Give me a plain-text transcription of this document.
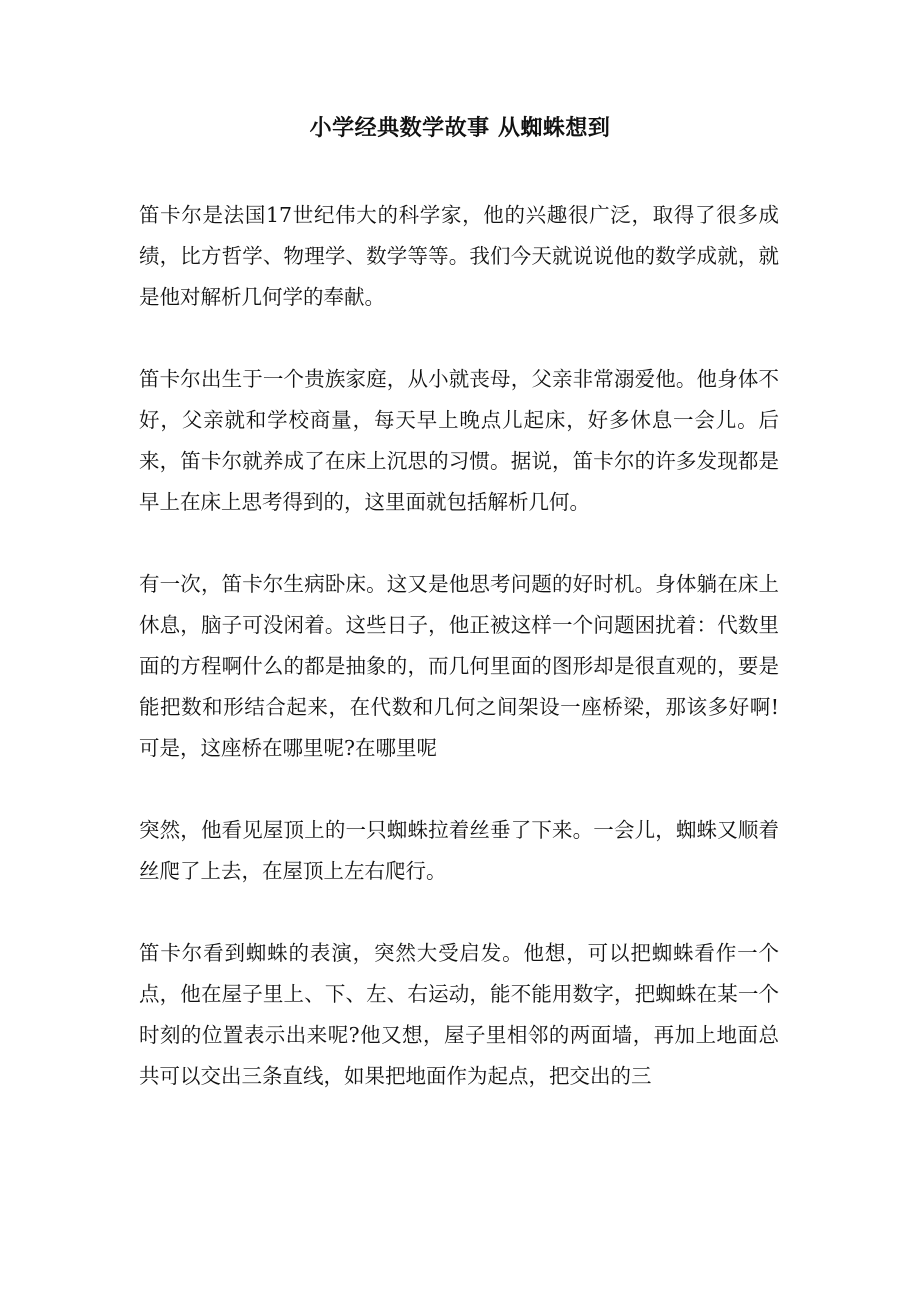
小学经典数学故事 从蜘蛛想到

笛卡尔是法国17世纪伟大的科学家，他的兴趣很广泛，取得了很多成绩，比方哲学、物理学、数学等等。我们今天就说说他的数学成就，就是他对解析几何学的奉献。

笛卡尔出生于一个贵族家庭，从小就丧母，父亲非常溺爱他。他身体不好，父亲就和学校商量，每天早上晚点儿起床，好多休息一会儿。后来，笛卡尔就养成了在床上沉思的习惯。据说，笛卡尔的许多发现都是早上在床上思考得到的，这里面就包括解析几何。

有一次，笛卡尔生病卧床。这又是他思考问题的好时机。身体躺在床上休息，脑子可没闲着。这些日子，他正被这样一个问题困扰着：代数里面的方程啊什么的都是抽象的，而几何里面的图形却是很直观的，要是能把数和形结合起来，在代数和几何之间架设一座桥梁，那该多好啊!可是，这座桥在哪里呢?在哪里呢

突然，他看见屋顶上的一只蜘蛛拉着丝垂了下来。一会儿，蜘蛛又顺着丝爬了上去，在屋顶上左右爬行。

笛卡尔看到蜘蛛的表演，突然大受启发。他想，可以把蜘蛛看作一个点，他在屋子里上、下、左、右运动，能不能用数字，把蜘蛛在某一个时刻的位置表示出来呢?他又想，屋子里相邻的两面墙，再加上地面总共可以交出三条直线，如果把地面作为起点，把交出的三
